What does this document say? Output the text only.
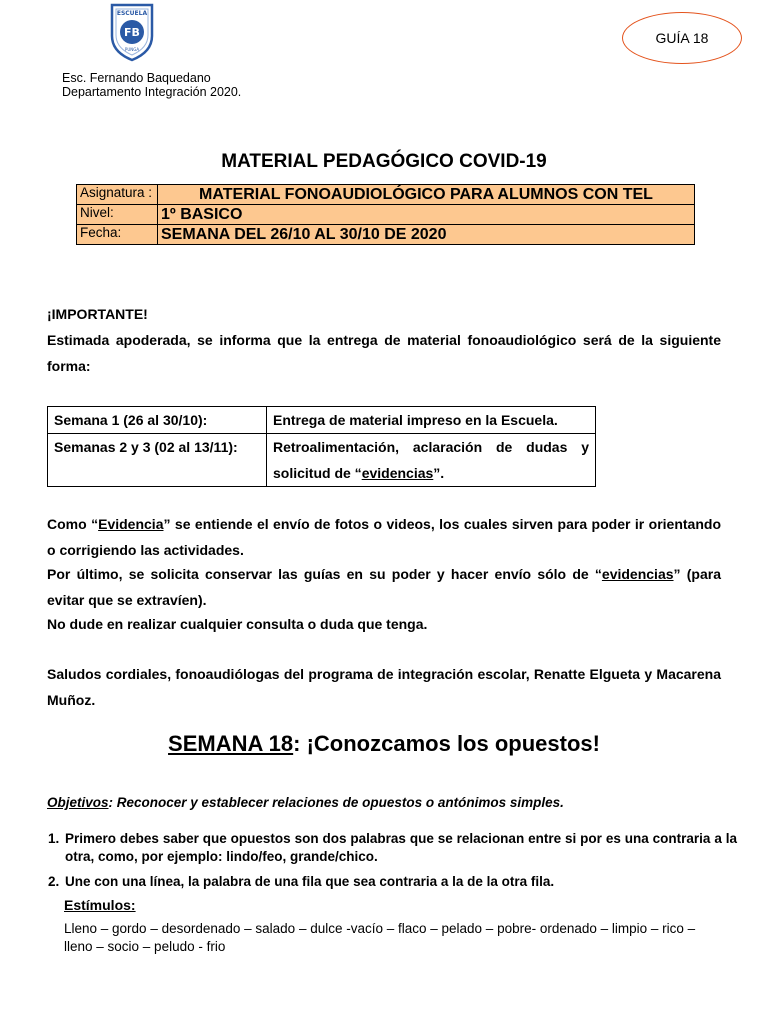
ESCUELA
FB
PUNGA
GUÍA 18
Esc. Fernando Baquedano
Departamento Integración 2020.
MATERIAL PEDAGÓGICO COVID-19
Asignatura :	MATERIAL FONOAUDIOLÓGICO PARA ALUMNOS CON TEL
Nivel:	1º BASICO
Fecha:	SEMANA DEL 26/10 AL 30/10 DE 2020
¡IMPORTANTE!
Estimada apoderada, se informa que la entrega de material fonoaudiológico será de la siguiente forma:
Semana 1 (26 al 30/10):	Entrega de material impreso en la Escuela.
Semanas 2 y 3 (02 al 13/11):	Retroalimentación, aclaración de dudas y solicitud de “evidencias”.
Como “Evidencia” se entiende el envío de fotos o videos, los cuales sirven para poder ir orientando o corrigiendo las actividades.
Por último, se solicita conservar las guías en su poder y hacer envío sólo de “evidencias” (para evitar que se extravíen).
No dude en realizar cualquier consulta o duda que tenga.
Saludos cordiales, fonoaudiólogas del programa de integración escolar, Renatte Elgueta y Macarena Muñoz.
SEMANA 18: ¡Conozcamos los opuestos!
Objetivos: Reconocer y establecer relaciones de opuestos o antónimos simples.
1. Primero debes saber que opuestos son dos palabras que se relacionan entre si por es una contraria a la otra, como, por ejemplo: lindo/feo, grande/chico.
2. Une con una línea, la palabra de una fila que sea contraria a la de la otra fila.
Estímulos:
Lleno – gordo – desordenado – salado – dulce -vacío – flaco – pelado – pobre- ordenado – limpio – rico – lleno – socio – peludo - frio
